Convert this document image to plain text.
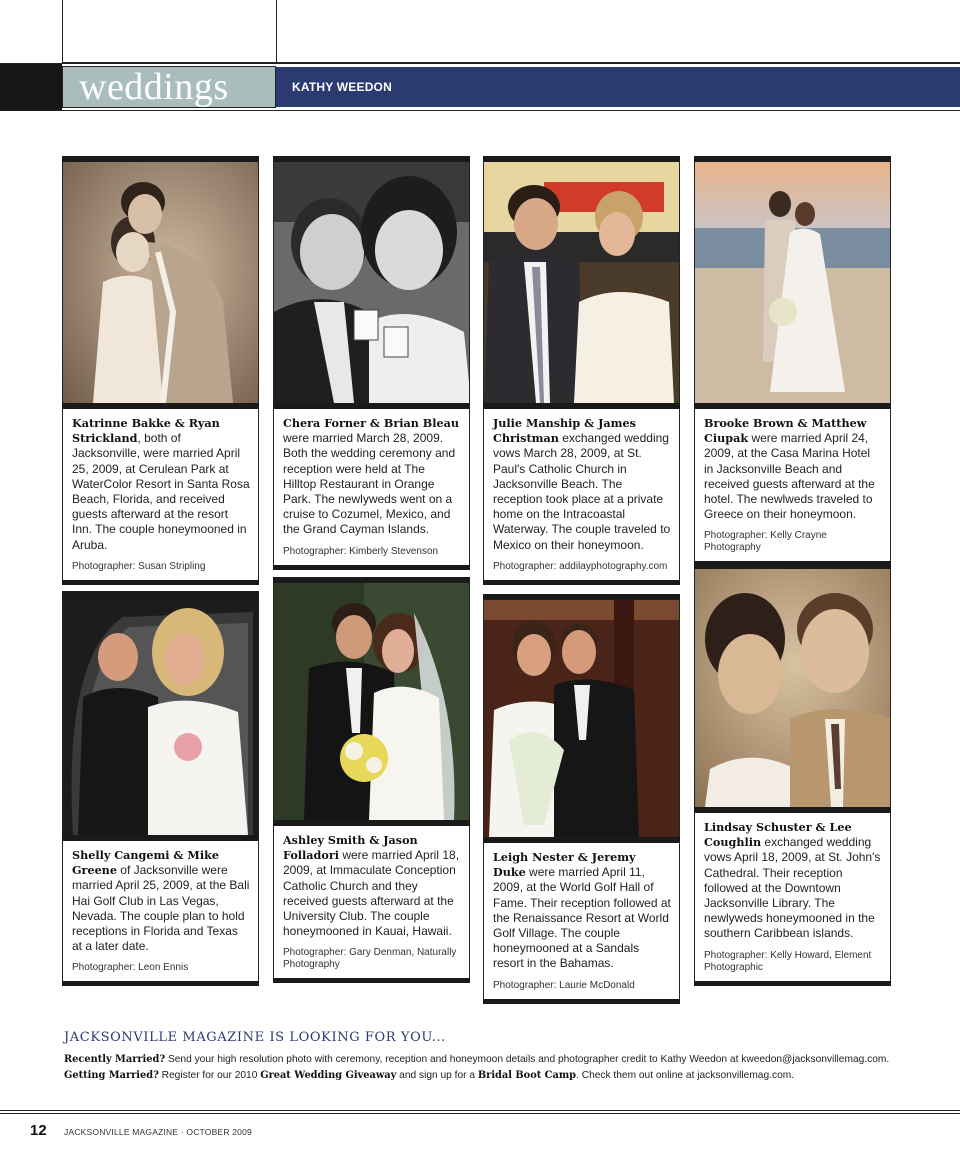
weddings	KATHY WEEDON

Katrinne Bakke & Ryan Strickland, both of Jacksonville, were married April 25, 2009, at Cerulean Park at WaterColor Resort in Santa Rosa Beach, Florida, and received guests afterward at the resort Inn. The couple honeymooned in Aruba.

Photographer: Susan Stripling

Chera Forner & Brian Bleau were married March 28, 2009. Both the wedding ceremony and reception were held at The Hilltop Restaurant in Orange Park. The newlyweds went on a cruise to Cozumel, Mexico, and the Grand Cayman Islands.

Photographer: Kimberly Stevenson

Julie Manship & James Christman exchanged wedding vows March 28, 2009, at St. Paul's Catholic Church in Jacksonville Beach. The reception took place at a private home on the Intracoastal Waterway. The couple traveled to Mexico on their honeymoon.

Photographer: addilayphotography.com

Brooke Brown & Matthew Ciupak were married April 24, 2009, at the Casa Marina Hotel in Jacksonville Beach and received guests afterward at the hotel. The newlweds traveled to Greece on their honeymoon.

Photographer: Kelly Crayne Photography

Shelly Cangemi & Mike Greene of Jacksonville were married April 25, 2009, at the Bali Hai Golf Club in Las Vegas, Nevada. The couple plan to hold receptions in Florida and Texas at a later date.

Photographer: Leon Ennis

Ashley Smith & Jason Folladori were married April 18, 2009, at Immaculate Conception Catholic Church and they received guests afterward at the University Club. The couple honeymooned in Kauai, Hawaii.

Photographer: Gary Denman, Naturally Photography

Leigh Nester & Jeremy Duke were married April 11, 2009, at the World Golf Hall of Fame. Their reception followed at the Renaissance Resort at World Golf Village. The couple honeymooned at a Sandals resort in the Bahamas.

Photographer: Laurie McDonald

Lindsay Schuster & Lee Coughlin exchanged wedding vows April 18, 2009, at St. John's Cathedral. Their reception followed at the Downtown Jacksonville Library. The newlyweds honeymooned in the southern Caribbean islands.

Photographer: Kelly Howard, Element Photographic
JACKSONVILLE MAGAZINE IS LOOKING FOR YOU...
Recently Married? Send your high resolution photo with ceremony, reception and honeymoon details and photographer credit to Kathy Weedon at kweedon@jacksonvillemag.com.
Getting Married? Register for our 2010 Great Wedding Giveaway and sign up for a Bridal Boot Camp. Check them out online at jacksonvillemag.com.
12 JACKSONVILLE MAGAZINE · OCTOBER 2009
